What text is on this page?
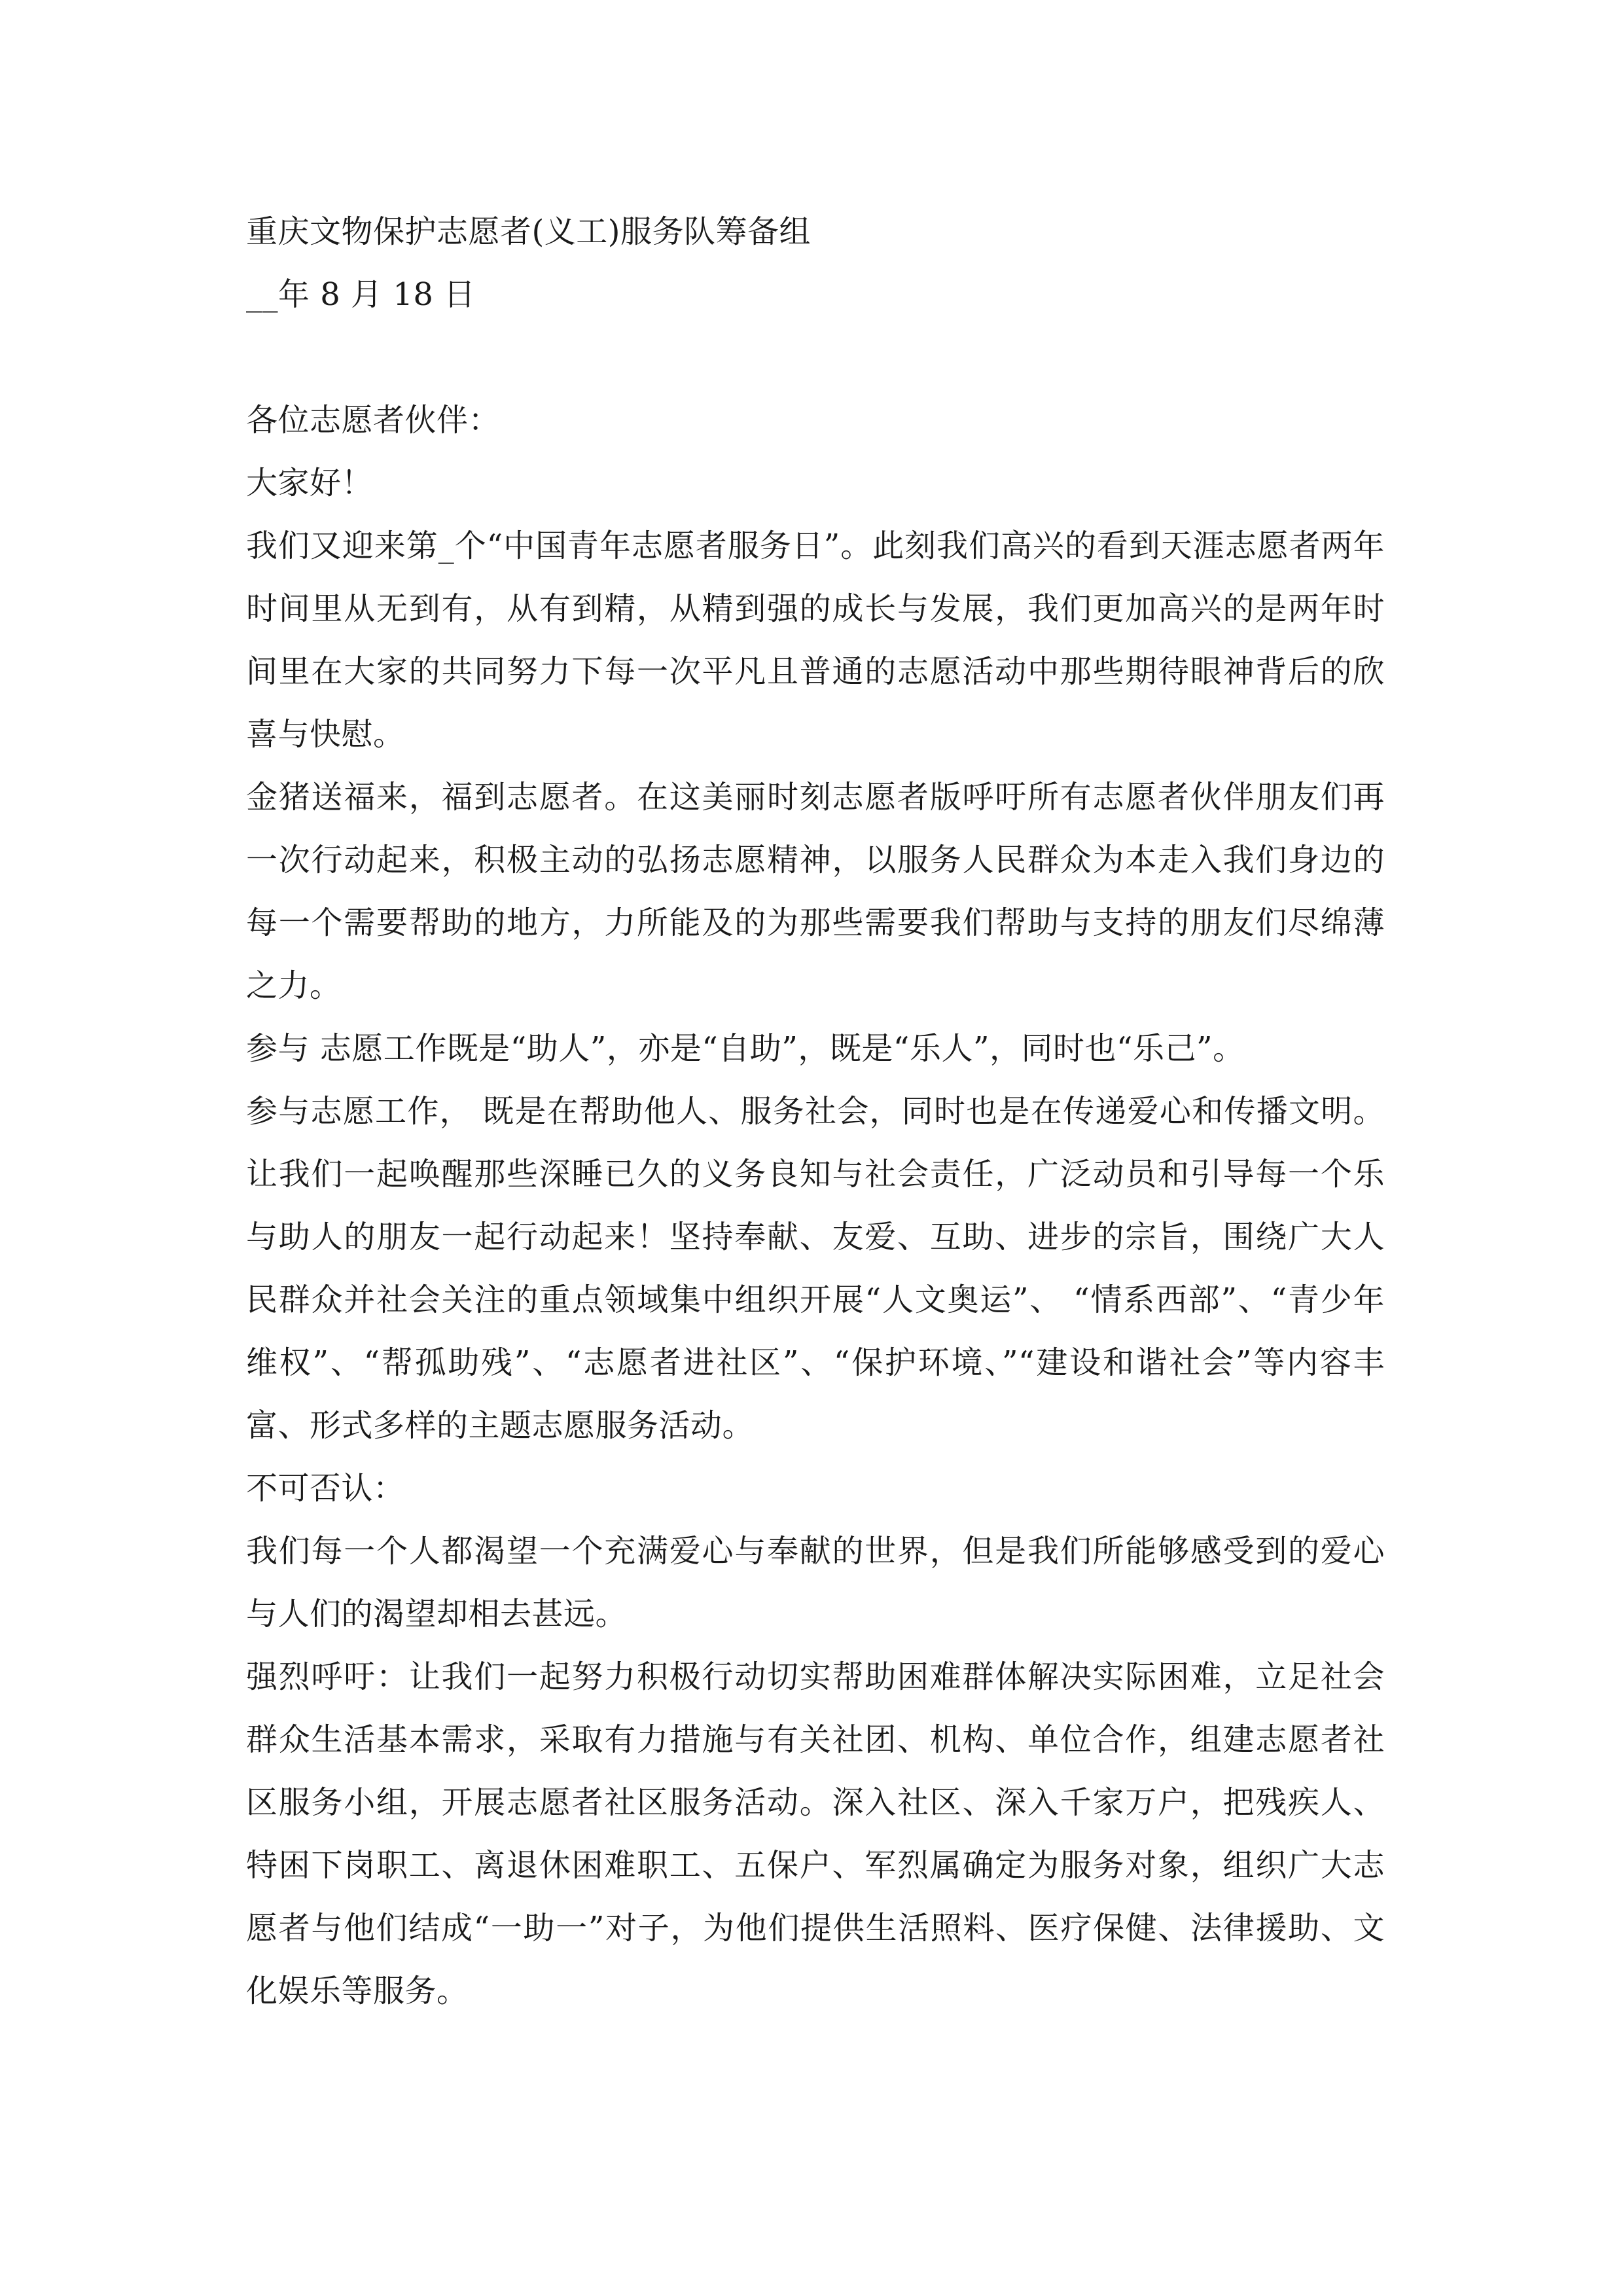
重庆文物保护志愿者(义工)服务队筹备组

__年 8 月 18 日

各位志愿者伙伴：

大家好！

我们又迎来第_个“中国青年志愿者服务日”。此刻我们高兴的看到天涯志愿者两年时间里从无到有，从有到精，从精到强的成长与发展，我们更加高兴的是两年时间里在大家的共同努力下每一次平凡且普通的志愿活动中那些期待眼神背后的欣喜与快慰。

金猪送福来，福到志愿者。在这美丽时刻志愿者版呼吁所有志愿者伙伴朋友们再一次行动起来，积极主动的弘扬志愿精神，以服务人民群众为本走入我们身边的每一个需要帮助的地方，力所能及的为那些需要我们帮助与支持的朋友们尽绵薄之力。

参与 志愿工作既是“助人”，亦是“自助”，既是“乐人”，同时也“乐己”。

参与志愿工作， 既是在帮助他人、服务社会，同时也是在传递爱心和传播文明。让我们一起唤醒那些深睡已久的义务良知与社会责任，广泛动员和引导每一个乐与助人的朋友一起行动起来！坚持奉献、友爱、互助、进步的宗旨，围绕广大人民群众并社会关注的重点领域集中组织开展“人文奥运”、 “情系西部”、“青少年维权”、“帮孤助残”、“志愿者进社区”、“保护环境、”“建设和谐社会”等内容丰富、形式多样的主题志愿服务活动。

不可否认：

我们每一个人都渴望一个充满爱心与奉献的世界，但是我们所能够感受到的爱心与人们的渴望却相去甚远。

强烈呼吁：让我们一起努力积极行动切实帮助困难群体解决实际困难，立足社会群众生活基本需求，采取有力措施与有关社团、机构、单位合作，组建志愿者社区服务小组，开展志愿者社区服务活动。深入社区、深入千家万户，把残疾人、特困下岗职工、离退休困难职工、五保户、军烈属确定为服务对象，组织广大志愿者与他们结成“一助一”对子，为他们提供生活照料、医疗保健、法律援助、文化娱乐等服务。
